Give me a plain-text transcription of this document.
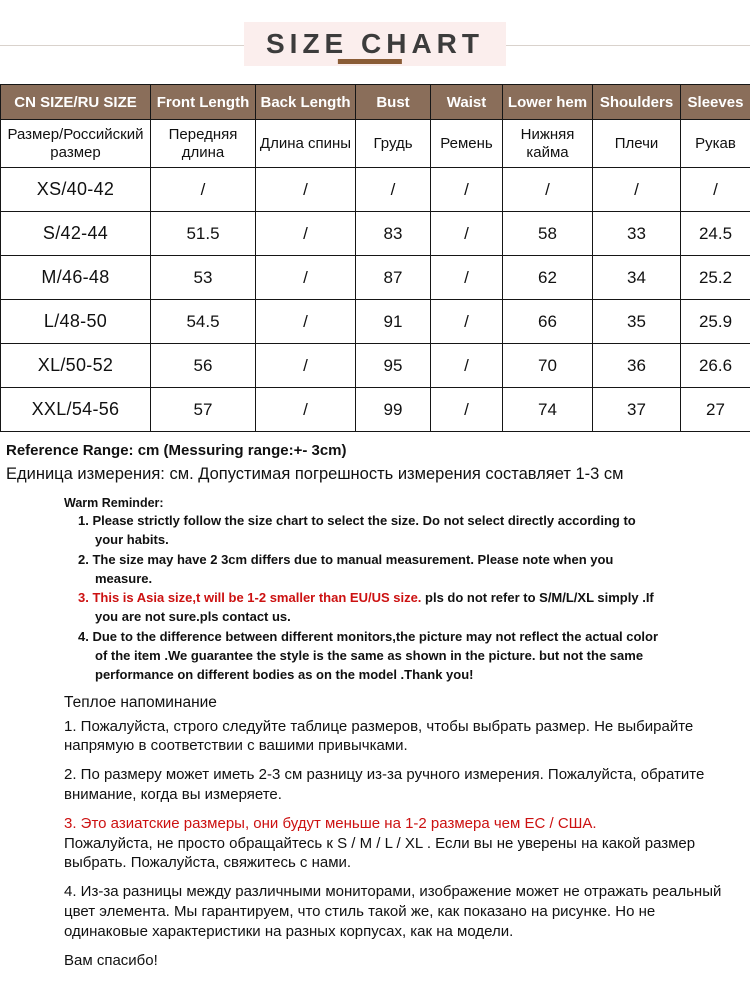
SIZE CHART
CN SIZE/RU SIZE	Front Length	Back Length	Bust	Waist	Lower hem	Shoulders	Sleeves
Размер/Российский размер	Передняя длина	Длина спины	Грудь	Ремень	Нижняя кайма	Плечи	Рукав
XS/40-42	/	/	/	/	/	/	/
S/42-44	51.5	/	83	/	58	33	24.5
M/46-48	53	/	87	/	62	34	25.2
L/48-50	54.5	/	91	/	66	35	25.9
XL/50-52	56	/	95	/	70	36	26.6
XXL/54-56	57	/	99	/	74	37	27

Reference Range: cm (Messuring range:+- 3cm)

Единица измерения: см. Допустимая погрешность измерения составляет 1-3 см

Warm Reminder:

1. Please strictly follow the size chart to select the size. Do not select directly according to your habits.

2. The size may have 2 3cm differs due to manual measurement. Please note when you measure.

3. This is Asia size,t will be 1-2 smaller than EU/US size. pls do not refer to S/M/L/XL simply .If you are not sure.pls contact us.

4. Due to the difference between different monitors,the picture may not reflect the actual color of the item .We guarantee the style is the same as shown in the picture. but not the same performance on different bodies as on the model .Thank you!

Теплое напоминание

1. Пожалуйста, строго следуйте таблице размеров, чтобы выбрать размер. Не выбирайте напрямую в соответствии с вашими привычками.

2. По размеру может иметь 2-3 см разницу из-за ручного измерения. Пожалуйста, обратите внимание, когда вы измеряете.

3. Это азиатские размеры, они будут меньше на 1-2 размера чем ЕС / США.
Пожалуйста, не просто обращайтесь к S / M / L / XL . Если вы не уверены на какой размер выбрать. Пожалуйста, свяжитесь с нами.

4. Из-за разницы между различными мониторами, изображение может не отражать реальный цвет элемента. Мы гарантируем, что стиль такой же, как показано на рисунке. Но не одинаковые характеристики на разных корпусах, как на модели.

Вам спасибо!
